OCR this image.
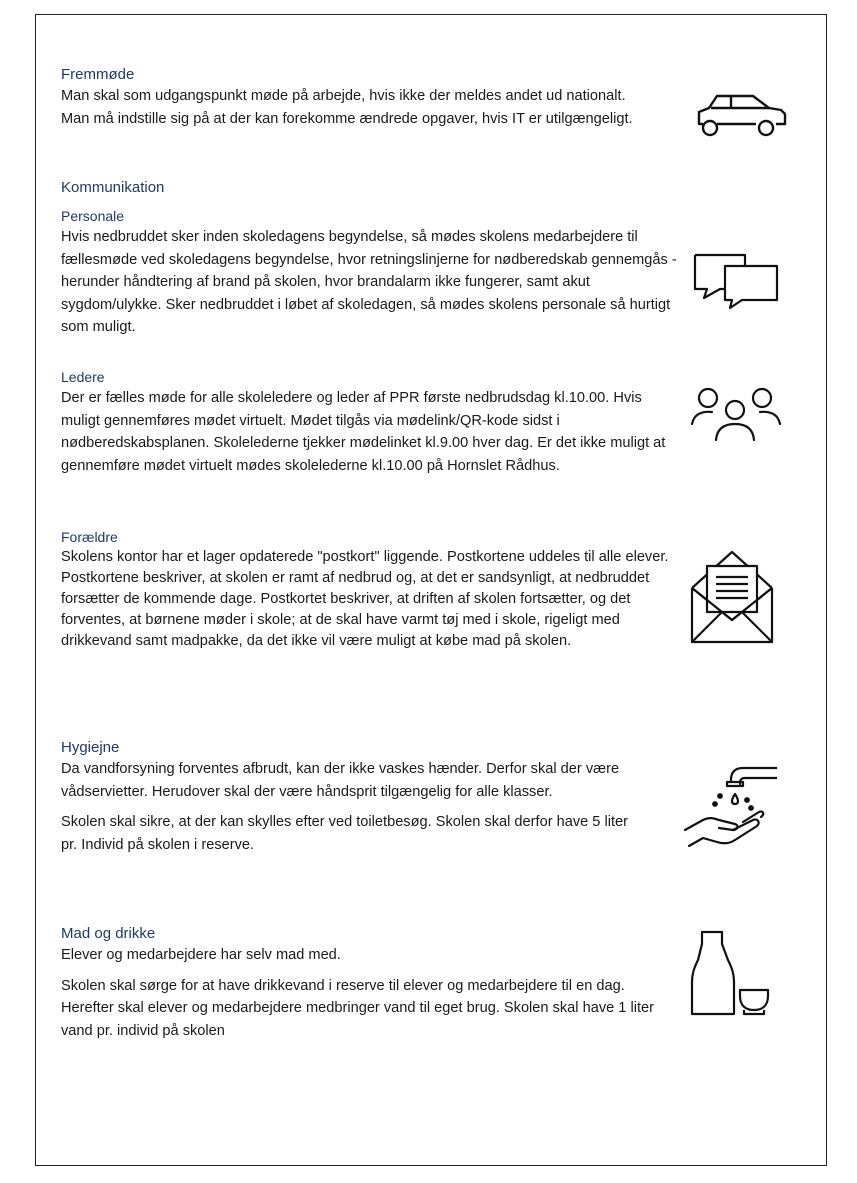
Fremmøde

Man skal som udgangspunkt møde på arbejde, hvis ikke der meldes andet ud nationalt. Man må indstille sig på at der kan forekomme ændrede opgaver, hvis IT er utilgængeligt.

Kommunikation

Personale

Hvis nedbruddet sker inden skoledagens begyndelse, så mødes skolens medarbejdere til fællesmøde ved skoledagens begyndelse, hvor retningslinjerne for nødberedskab gennemgås - herunder håndtering af brand på skolen, hvor brandalarm ikke fungerer, samt akut sygdom/ulykke. Sker nedbruddet i løbet af skoledagen, så mødes skolens personale så hurtigt som muligt.

Ledere

Der er fælles møde for alle skoleledere og leder af PPR første nedbrudsdag kl.10.00. Hvis muligt gennemføres mødet virtuelt. Mødet tilgås via mødelink/QR-kode sidst i nødberedskabsplanen. Skolelederne tjekker mødelinket kl.9.00 hver dag. Er det ikke muligt at gennemføre mødet virtuelt mødes skolelederne kl.10.00 på Hornslet Rådhus.

Forældre

Skolens kontor har et lager opdaterede "postkort" liggende. Postkortene uddeles til alle elever. Postkortene beskriver, at skolen er ramt af nedbrud og, at det er sandsynligt, at nedbruddet forsætter de kommende dage. Postkortet beskriver, at driften af skolen fortsætter, og det forventes, at børnene møder i skole; at de skal have varmt tøj med i skole, rigeligt med drikkevand samt madpakke, da det ikke vil være muligt at købe mad på skolen.

Hygiejne

Da vandforsyning forventes afbrudt, kan der ikke vaskes hænder. Derfor skal der være vådservietter. Herudover skal der være håndsprit tilgængelig for alle klasser.

Skolen skal sikre, at der kan skylles efter ved toiletbesøg. Skolen skal derfor have 5 liter pr. Individ på skolen i reserve.

Mad og drikke

Elever og medarbejdere har selv mad med.

Skolen skal sørge for at have drikkevand i reserve til elever og medarbejdere til en dag. Herefter skal elever og medarbejdere medbringer vand til eget brug. Skolen skal have 1 liter vand pr. individ på skolen
